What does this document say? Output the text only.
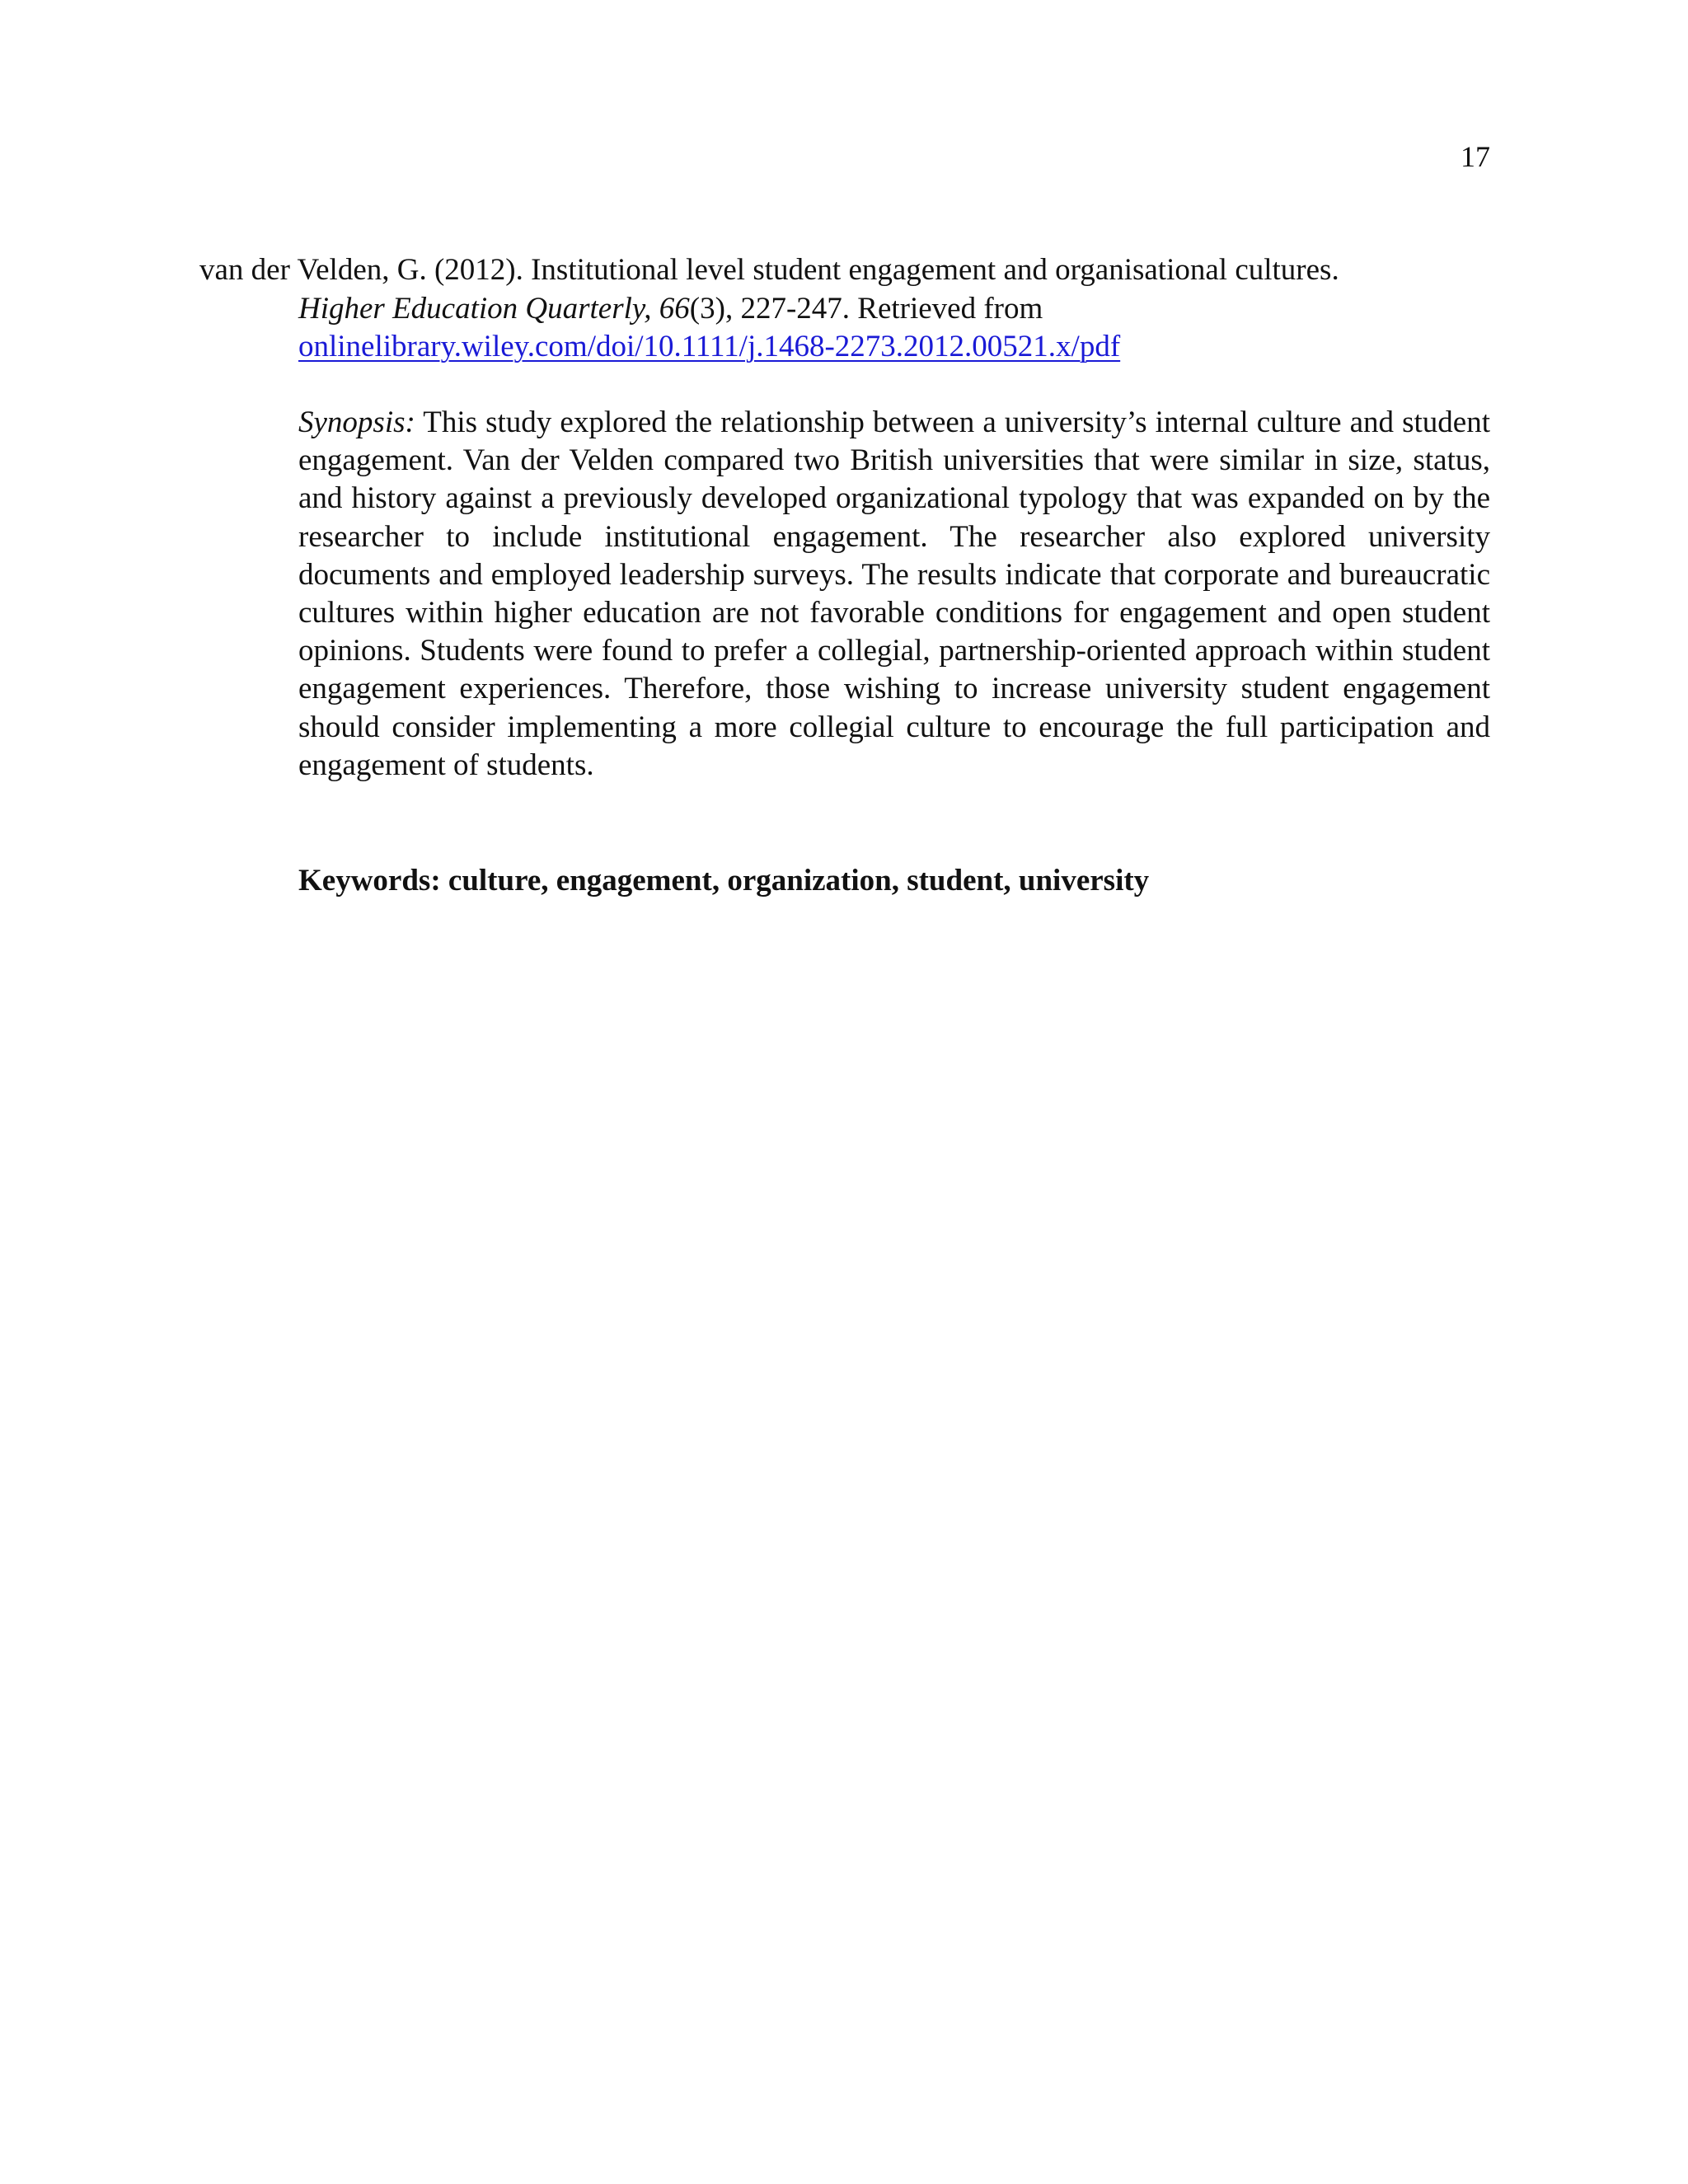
17
van der Velden, G. (2012). Institutional level student engagement and organisational cultures.
Higher Education Quarterly, 66(3), 227-247. Retrieved from
onlinelibrary.wiley.com/doi/10.1111/j.1468-2273.2012.00521.x/pdf

Synopsis: This study explored the relationship between a university’s internal culture and student engagement. Van der Velden compared two British universities that were similar in size, status, and history against a previously developed organizational typology that was expanded on by the researcher to include institutional engagement. The researcher also explored university documents and employed leadership surveys. The results indicate that corporate and bureaucratic cultures within higher education are not favorable conditions for engagement and open student opinions. Students were found to prefer a collegial, partnership-oriented approach within student engagement experiences. Therefore, those wishing to increase university student engagement should consider implementing a more collegial culture to encourage the full participation and engagement of students.

Keywords: culture, engagement, organization, student, university
